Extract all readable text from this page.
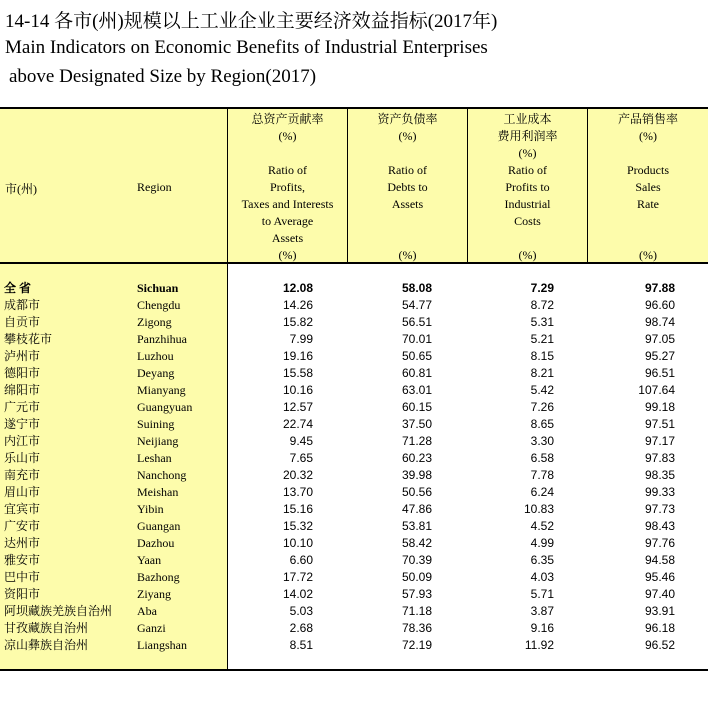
14-14 各市(州)规模以上工业企业主要经济效益指标(2017年)
Main Indicators on Economic Benefits of Industrial Enterprises
above Designated Size by Region(2017)
市(州)	Region
总资产贡献率
(%)

Ratio of
Profits,
Taxes and Interests
to Average
Assets
(%)
资产负债率
(%)

Ratio of
Debts to
Assets
(%)
工业成本
费用利润率
(%)
Ratio of
Profits to
Industrial
Costs
(%)
产品销售率
(%)

Products
Sales
Rate
(%)
全 省	Sichuan	12.08	58.08	7.29	97.88
成都市	Chengdu	14.26	54.77	8.72	96.60
自贡市	Zigong	15.82	56.51	5.31	98.74
攀枝花市	Panzhihua	7.99	70.01	5.21	97.05
泸州市	Luzhou	19.16	50.65	8.15	95.27
德阳市	Deyang	15.58	60.81	8.21	96.51
绵阳市	Mianyang	10.16	63.01	5.42	107.64
广元市	Guangyuan	12.57	60.15	7.26	99.18
遂宁市	Suining	22.74	37.50	8.65	97.51
内江市	Neijiang	9.45	71.28	3.30	97.17
乐山市	Leshan	7.65	60.23	6.58	97.83
南充市	Nanchong	20.32	39.98	7.78	98.35
眉山市	Meishan	13.70	50.56	6.24	99.33
宜宾市	Yibin	15.16	47.86	10.83	97.73
广安市	Guangan	15.32	53.81	4.52	98.43
达州市	Dazhou	10.10	58.42	4.99	97.76
雅安市	Yaan	6.60	70.39	6.35	94.58
巴中市	Bazhong	17.72	50.09	4.03	95.46
资阳市	Ziyang	14.02	57.93	5.71	97.40
阿坝藏族羌族自治州 Aba	5.03	71.18	3.87	93.91
甘孜藏族自治州	Ganzi	2.68	78.36	9.16	96.18
凉山彝族自治州	Liangshan	8.51	72.19	11.92	96.52
